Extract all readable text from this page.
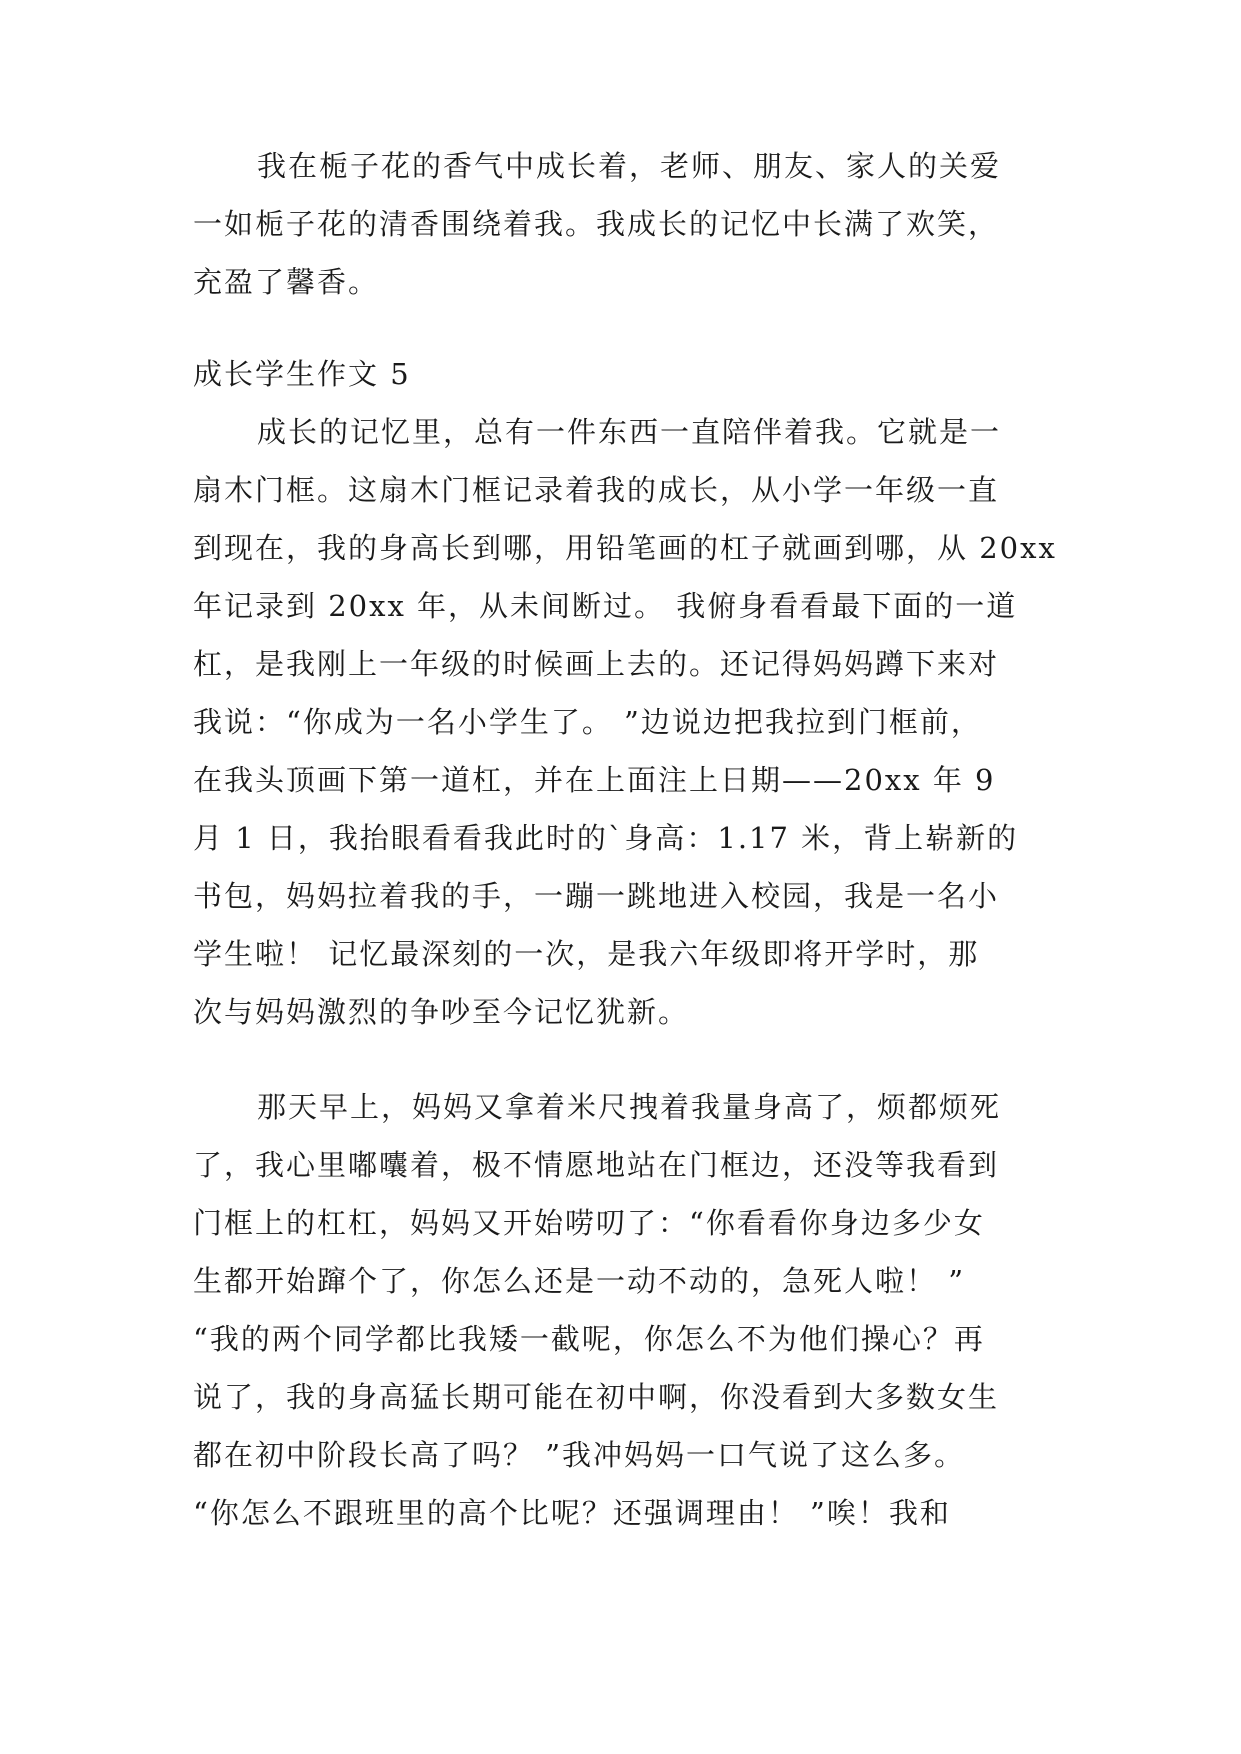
我在栀子花的香气中成长着，老师、朋友、家人的关爱
一如栀子花的清香围绕着我。我成长的记忆中长满了欢笑，
充盈了馨香。
成长学生作文 5
成长的记忆里，总有一件东西一直陪伴着我。它就是一
扇木门框。这扇木门框记录着我的成长，从小学一年级一直
到现在，我的身高长到哪，用铅笔画的杠子就画到哪，从 20xx
年记录到 20xx 年，从未间断过。 我俯身看看最下面的一道
杠，是我刚上一年级的时候画上去的。还记得妈妈蹲下来对
我说：“你成为一名小学生了。 ”边说边把我拉到门框前，
在我头顶画下第一道杠，并在上面注上日期——20xx 年 9
月 1 日，我抬眼看看我此时的`身高：1.17 米，背上崭新的
书包，妈妈拉着我的手，一蹦一跳地进入校园，我是一名小
学生啦！ 记忆最深刻的一次，是我六年级即将开学时，那
次与妈妈激烈的争吵至今记忆犹新。
那天早上，妈妈又拿着米尺拽着我量身高了，烦都烦死
了，我心里嘟囔着，极不情愿地站在门框边，还没等我看到
门框上的杠杠，妈妈又开始唠叨了：“你看看你身边多少女
生都开始蹿个了，你怎么还是一动不动的，急死人啦！ ”
“我的两个同学都比我矮一截呢，你怎么不为他们操心？再
说了，我的身高猛长期可能在初中啊，你没看到大多数女生
都在初中阶段长高了吗？ ”我冲妈妈一口气说了这么多。
“你怎么不跟班里的高个比呢？还强调理由！ ”唉！我和
